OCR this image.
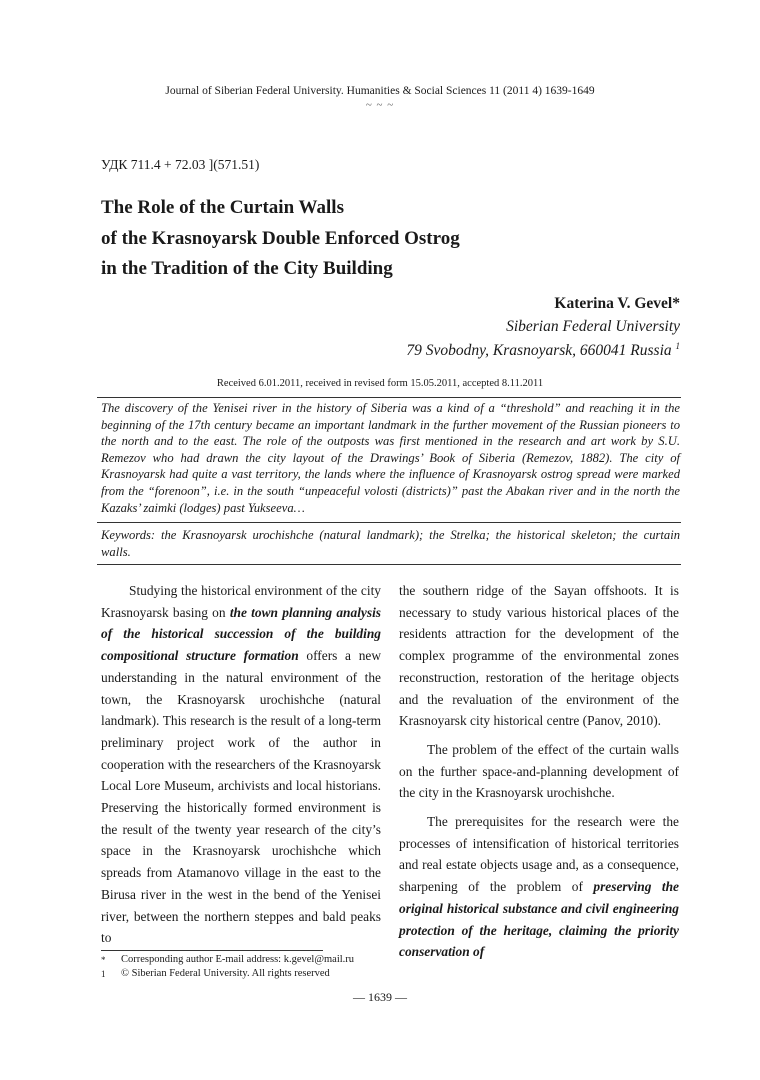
Journal of Siberian Federal University. Humanities & Social Sciences 11 (2011 4) 1639-1649
~ ~ ~
УДК 711.4 + 72.03 ](571.51)
The Role of the Curtain Walls
of the Krasnoyarsk Double Enforced Ostrog
in the Tradition of the City Building
Katerina V. Gevel*
Siberian Federal University
79 Svobodny, Krasnoyarsk, 660041 Russia $^1$
Received 6.01.2011, received in revised form 15.05.2011, accepted 8.11.2011
The discovery of the Yenisei river in the history of Siberia was a kind of a “threshold” and reaching it in the beginning of the 17th century became an important landmark in the further movement of the Russian pioneers to the north and to the east. The role of the outposts was first mentioned in the research and art work by S.U. Remezov who had drawn the city layout of the Drawings’ Book of Siberia (Remezov, 1882). The city of Krasnoyarsk had quite a vast territory, the lands where the influence of Krasnoyarsk ostrog spread were marked from the “forenoon”, i.e. in the south “unpeaceful volosti (districts)” past the Abakan river and in the north the Kazaks’ zaimki (lodges) past Yukseeva…
Keywords: the Krasnoyarsk urochishche (natural landmark); the Strelka; the historical skeleton; the curtain walls.

Studying the historical environment of the city Krasnoyarsk basing on the town planning analysis of the historical succession of the building compositional structure formation offers a new understanding in the natural environment of the town, the Krasnoyarsk urochishche (natural landmark). This research is the result of a long-term preliminary project work of the author in cooperation with the researchers of the Krasnoyarsk Local Lore Museum, archivists and local historians. Preserving the historically formed environment is the result of the twenty year research of the city’s space in the Krasnoyarsk urochishche which spreads from Atamanovo village in the east to the Birusa river in the west in the bend of the Yenisei river, between the northern steppes and bald peaks to

the southern ridge of the Sayan offshoots. It is necessary to study various historical places of the residents attraction for the development of the complex programme of the environmental zones reconstruction, restoration of the heritage objects and the revaluation of the environment of the Krasnoyarsk city historical centre (Panov, 2010).

The problem of the effect of the curtain walls on the further space-and-planning development of the city in the Krasnoyarsk urochishche.

The prerequisites for the research were the processes of intensification of historical territories and real estate objects usage and, as a consequence, sharpening of the problem of preserving the original historical substance and civil engineering protection of the heritage, claiming the priority conservation of

* Corresponding author E-mail address: k.gevel@mail.ru
1 © Siberian Federal University. All rights reserved
— 1639 —
